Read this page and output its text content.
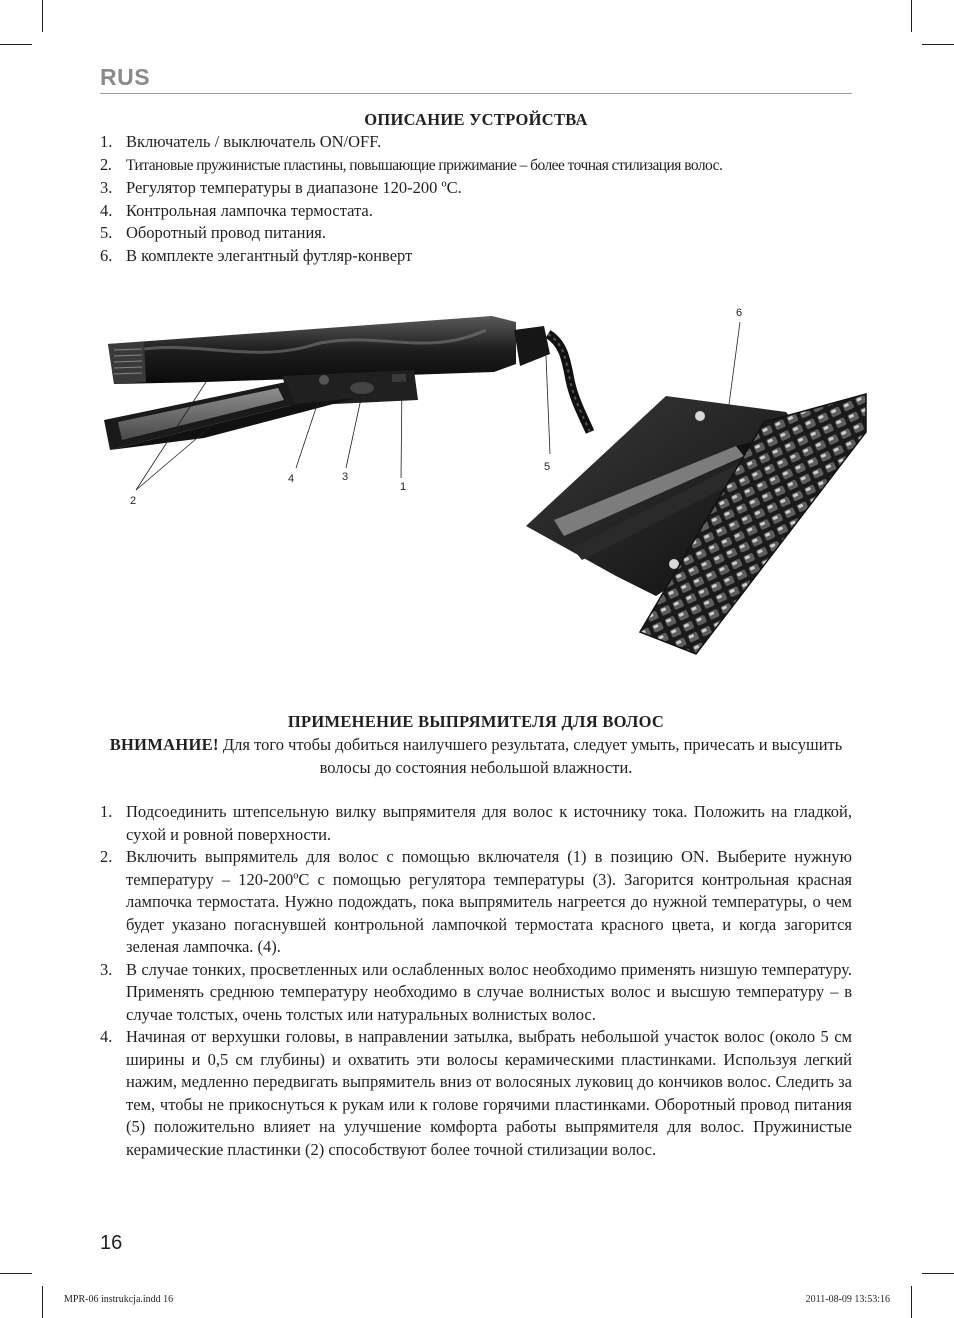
RUS
ОПИСАНИЕ УСТРОЙСТВА
1. Включатель / выключатель ON/OFF.
2. Титановые пружинистые пластины, повышающие прижимание – более точная стилизация волос.
3. Регулятор температуры в диапазоне 120-200 ºC.
4. Контрольная лампочка термостата.
5. Оборотный провод питания.
6. В комплекте элегантный футляр-конверт
1
2
3
4
5
6
ПРИМЕНЕНИЕ ВЫПРЯМИТЕЛЯ ДЛЯ ВОЛОС
ВНИМАНИЕ! Для того чтобы добиться наилучшего результата, следует умыть, причесать и высушить волосы до состояния небольшой влажности.
1. Подсоединить штепсельную вилку выпрямителя для волос к источнику тока. Положить на гладкой, сухой и ровной поверхности.
2. Включить выпрямитель для волос с помощью включателя (1) в позицию ON. Выберите нужную температуру – 120-200ºC с помощью регулятора температуры (3). Загорится контрольная красная лампочка термостата. Нужно подождать, пока выпрямитель нагреется до нужной температуры, о чем будет указано погаснувшей контрольной лампочкой термостата красного цвета, и когда загорится зеленая лампочка. (4).
3. В случае тонких, просветленных или ослабленных волос необходимо применять низшую температуру. Применять среднюю температуру необходимо в случае волнистых волос и высшую температуру – в случае толстых, очень толстых или натуральных волнистых волос.
4. Начиная от верхушки головы, в направлении затылка, выбрать небольшой участок волос (около 5 см ширины и 0,5 см глубины) и охватить эти волосы керамическими пластинками. Используя легкий нажим, медленно передвигать выпрямитель вниз от волосяных луковиц до кончиков волос. Следить за тем, чтобы не прикоснуться к рукам или к голове горячими пластинками. Оборотный провод питания (5) положительно влияет на улучшение комфорта работы выпрямителя для волос. Пружинистые керамические пластинки (2) способствуют более точной стилизации волос.
16
MPR-06 instrukcja.indd 16	2011-08-09 13:53:16
